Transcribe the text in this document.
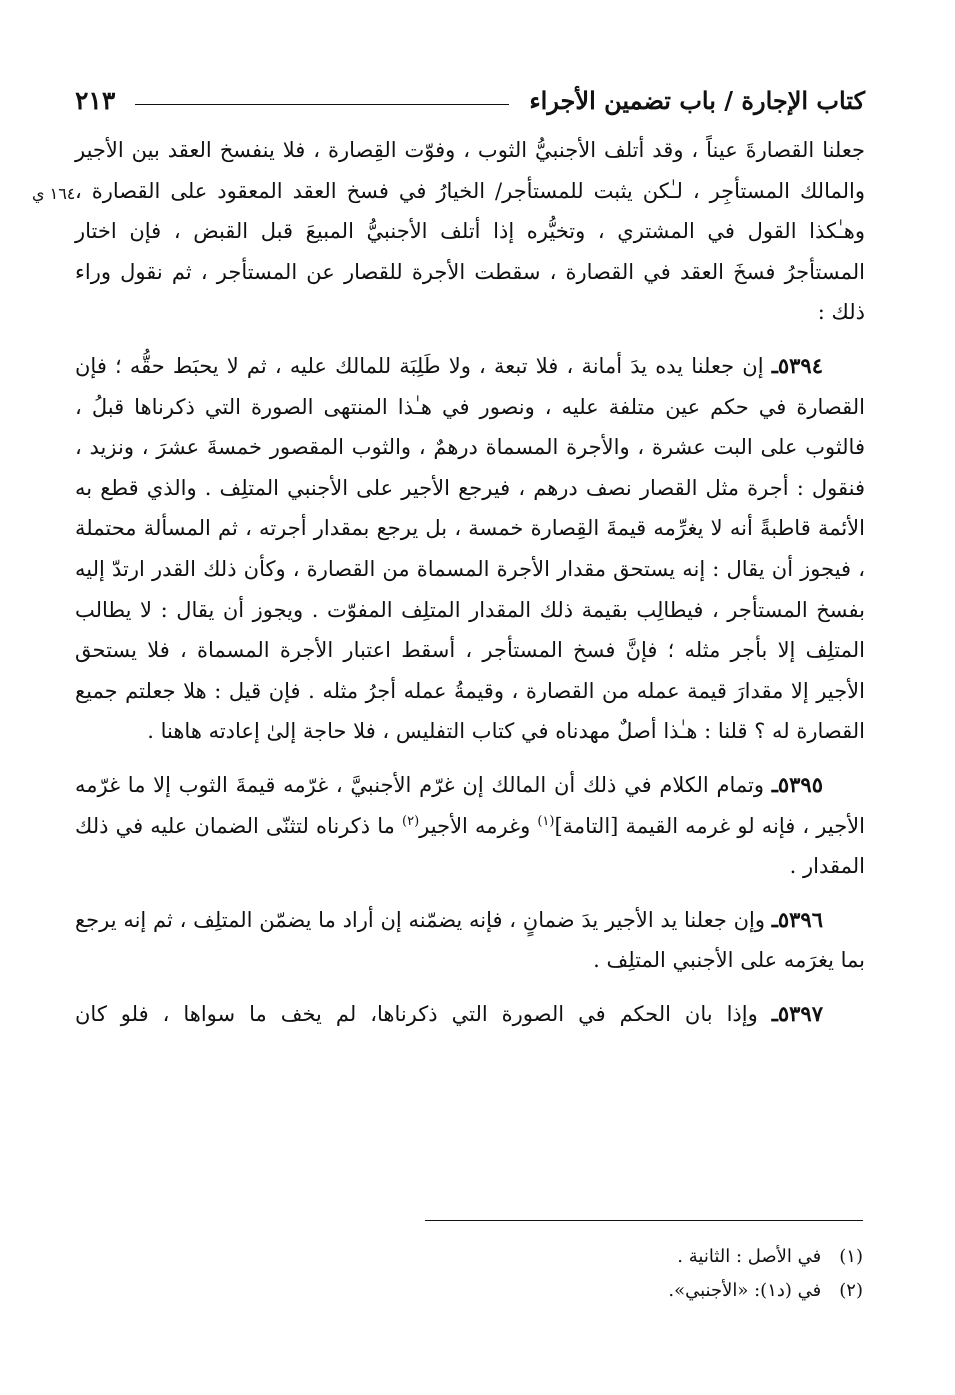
كتاب الإجارة / باب تضمين الأجراء
٢١٣
١٦٤ ي

جعلنا القصارةَ عيناً ، وقد أتلف الأجنبيُّ الثوب ، وفوّت القِصارة ، فلا ينفسخ العقد بين الأجير والمالك المستأجِر ، لـٰكن يثبت للمستأجر/ الخيارُ في فسخ العقد المعقود على القصارة ، وهـٰكذا القول في المشتري ، وتخيُّره إذا أتلف الأجنبيُّ المبيعَ قبل القبض ، فإن اختار المستأجرُ فسخَ العقد في القصارة ، سقطت الأجرة للقصار عن المستأجر ، ثم نقول وراء ذلك :

٥٣٩٤ـ إن جعلنا يده يدَ أمانة ، فلا تبعة ، ولا طَلِبَة للمالك عليه ، ثم لا يحبَط حقُّه ؛ فإن القصارة في حكم عين متلفة عليه ، ونصور في هـٰذا المنتهى الصورة التي ذكرناها قبلُ ، فالثوب على البت عشرة ، والأجرة المسماة درهمٌ ، والثوب المقصور خمسةَ عشرَ ، ونزيد ، فنقول : أجرة مثل القصار نصف درهم ، فيرجع الأجير على الأجنبي المتلِف . والذي قطع به الأئمة قاطبةً أنه لا يغرِّمه قيمةَ القِصارة خمسة ، بل يرجع بمقدار أجرته ، ثم المسألة محتملة ، فيجوز أن يقال : إنه يستحق مقدار الأجرة المسماة من القصارة ، وكأن ذلك القدر ارتدّ إليه بفسخ المستأجر ، فيطالِب بقيمة ذلك المقدار المتلِف المفوّت . ويجوز أن يقال : لا يطالب المتلِف إلا بأجر مثله ؛ فإنَّ فسخ المستأجر ، أسقط اعتبار الأجرة المسماة ، فلا يستحق الأجير إلا مقدارَ قيمة عمله من القصارة ، وقيمةُ عمله أجرُ مثله . فإن قيل : هلا جعلتم جميع القصارة له ؟ قلنا : هـٰذا أصلٌ مهدناه في كتاب التفليس ، فلا حاجة إلىٰ إعادته هاهنا .

٥٣٩٥ـ وتمام الكلام في ذلك أن المالك إن غرّم الأجنبيَّ ، غرّمه قيمةَ الثوب إلا ما غرّمه الأجير ، فإنه لو غرمه القيمة [التامة]$^{(١)}$ وغرمه الأجير$^{(٢)}$ ما ذكرناه لتثنّى الضمان عليه في ذلك المقدار .

٥٣٩٦ـ وإن جعلنا يد الأجير يدَ ضمانٍ ، فإنه يضمّنه إن أراد ما يضمّن المتلِف ، ثم إنه يرجع بما يغرَمه على الأجنبي المتلِف .

٥٣٩٧ـ وإذا بان الحكم في الصورة التي ذكرناها، لم يخف ما سواها ، فلو كان

(١)في الأصل : الثانية .
(٢)في (د١): «الأجنبي».
